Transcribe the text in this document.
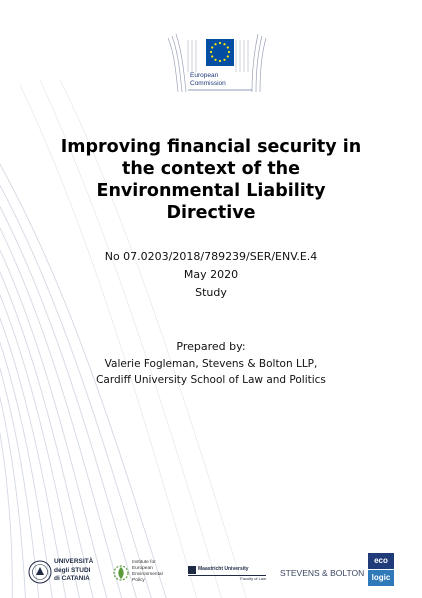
European
Commission
Improving financial security in
the context of the
Environmental Liability
Directive
No 07.0203/2018/789239/SER/ENV.E.4
May 2020
Study
Prepared by:
Valerie Fogleman, Stevens & Bolton LLP,
Cardiff University School of Law and Politics
UNIVERSITÀ
degli STUDI
di CATANIA
Institute for
European
Environmental
Policy
Maastricht University
Faculty of Law
STEVENS & BOLTON
eco
logic
